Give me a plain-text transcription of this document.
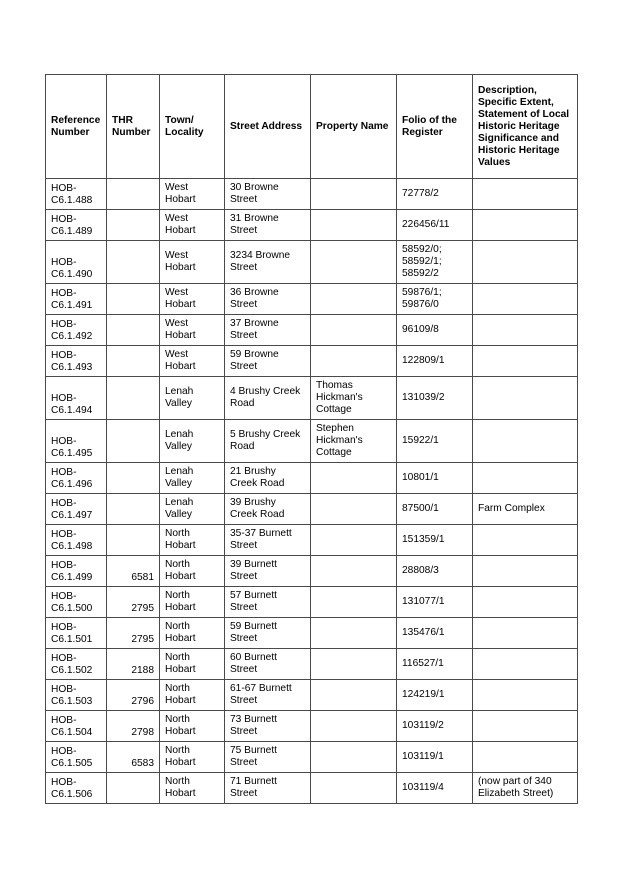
Reference Number	THR Number	Town/ Locality	Street Address	Property Name	Folio of the Register	Description, Specific Extent, Statement of Local Historic Heritage Significance and Historic Heritage Values
HOB-C6.1.488		West Hobart	30 Browne Street		72778/2	
HOB-C6.1.489		West Hobart	31 Browne Street		226456/11	
HOB-C6.1.490		West Hobart	3234 Browne Street		58592/0; 58592/1; 58592/2	
HOB-C6.1.491		West Hobart	36 Browne Street		59876/1; 59876/0	
HOB-C6.1.492		West Hobart	37 Browne Street		96109/8	
HOB-C6.1.493		West Hobart	59 Browne Street		122809/1	
HOB-C6.1.494		Lenah Valley	4 Brushy Creek Road	Thomas Hickman's Cottage	131039/2	
HOB-C6.1.495		Lenah Valley	5 Brushy Creek Road	Stephen Hickman's Cottage	15922/1	
HOB-C6.1.496		Lenah Valley	21 Brushy Creek Road		10801/1	
HOB-C6.1.497		Lenah Valley	39 Brushy Creek Road		87500/1	Farm Complex
HOB-C6.1.498		North Hobart	35-37 Burnett Street		151359/1	
HOB-C6.1.499	6581	North Hobart	39 Burnett Street		28808/3	
HOB-C6.1.500	2795	North Hobart	57 Burnett Street		131077/1	
HOB-C6.1.501	2795	North Hobart	59 Burnett Street		135476/1	
HOB-C6.1.502	2188	North Hobart	60 Burnett Street		116527/1	
HOB-C6.1.503	2796	North Hobart	61-67 Burnett Street		124219/1	
HOB-C6.1.504	2798	North Hobart	73 Burnett Street		103119/2	
HOB-C6.1.505	6583	North Hobart	75 Burnett Street		103119/1	
HOB-C6.1.506		North Hobart	71 Burnett Street		103119/4	(now part of 340 Elizabeth Street)
